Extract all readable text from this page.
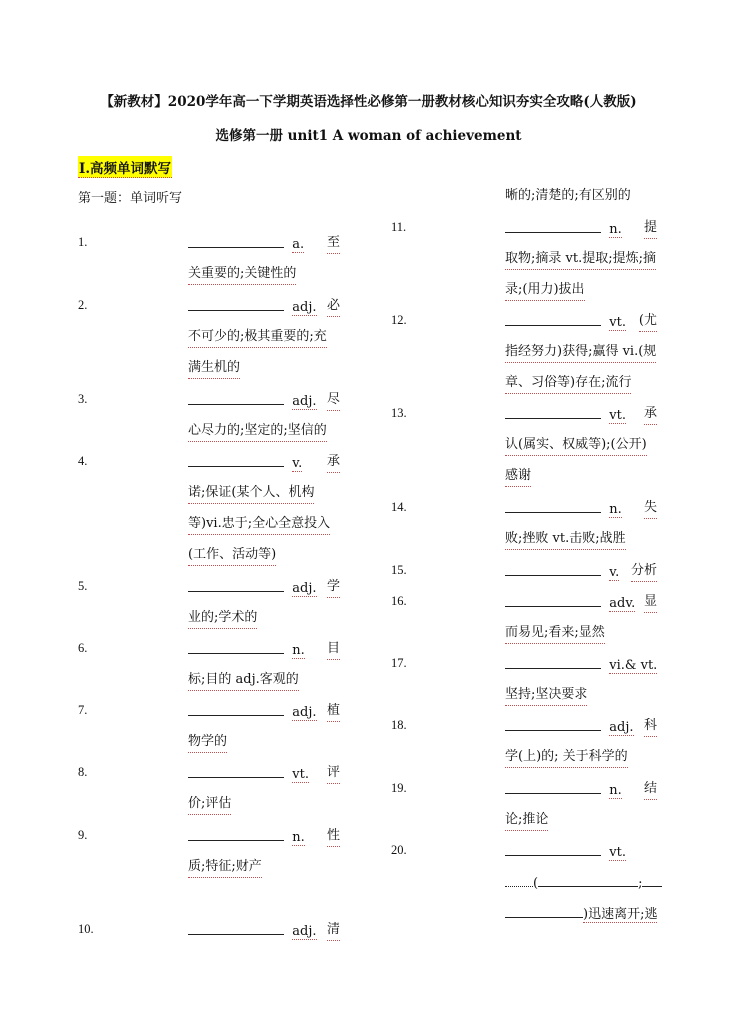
【新教材】2020学年高一下学期英语选择性必修第一册教材核心知识夯实全攻略(人教版)
选修第一册 unit1 A woman of achievement
I.高频单词默写
第一题：单词听写
1.	a. 至
关重要的;关键性的
2.	adj. 必
不可少的;极其重要的;充
满生机的
3.	adj. 尽
心尽力的;坚定的;坚信的
4.	v. 承
诺;保证(某个人、机构
等)vi.忠于;全心全意投入
(工作、活动等)
5.	adj. 学
业的;学术的
6.	n. 目
标;目的 adj.客观的
7.	adj. 植
物学的
8.	vt. 评
价;评估
9.	n. 性
质;特征;财产
10.	adj. 清
晰的;清楚的;有区别的
11.	n. 提
取物;摘录 vt.提取;提炼;摘
录;(用力)拔出
12.	vt. (尤
指经努力)获得;赢得 vi.(规
章、习俗等)存在;流行
13.	vt. 承
认(属实、权威等);(公开)
感谢
14.	n. 失
败;挫败 vt.击败;战胜
15.	v. 分析
16.	adv. 显
而易见;看来;显然
17.	vi.& vt.
坚持;坚决要求
18.	adj. 科
学(上)的; 关于科学的
19.	n. 结
论;推论
20.	vt.
(	;
)迅速离开;逃
